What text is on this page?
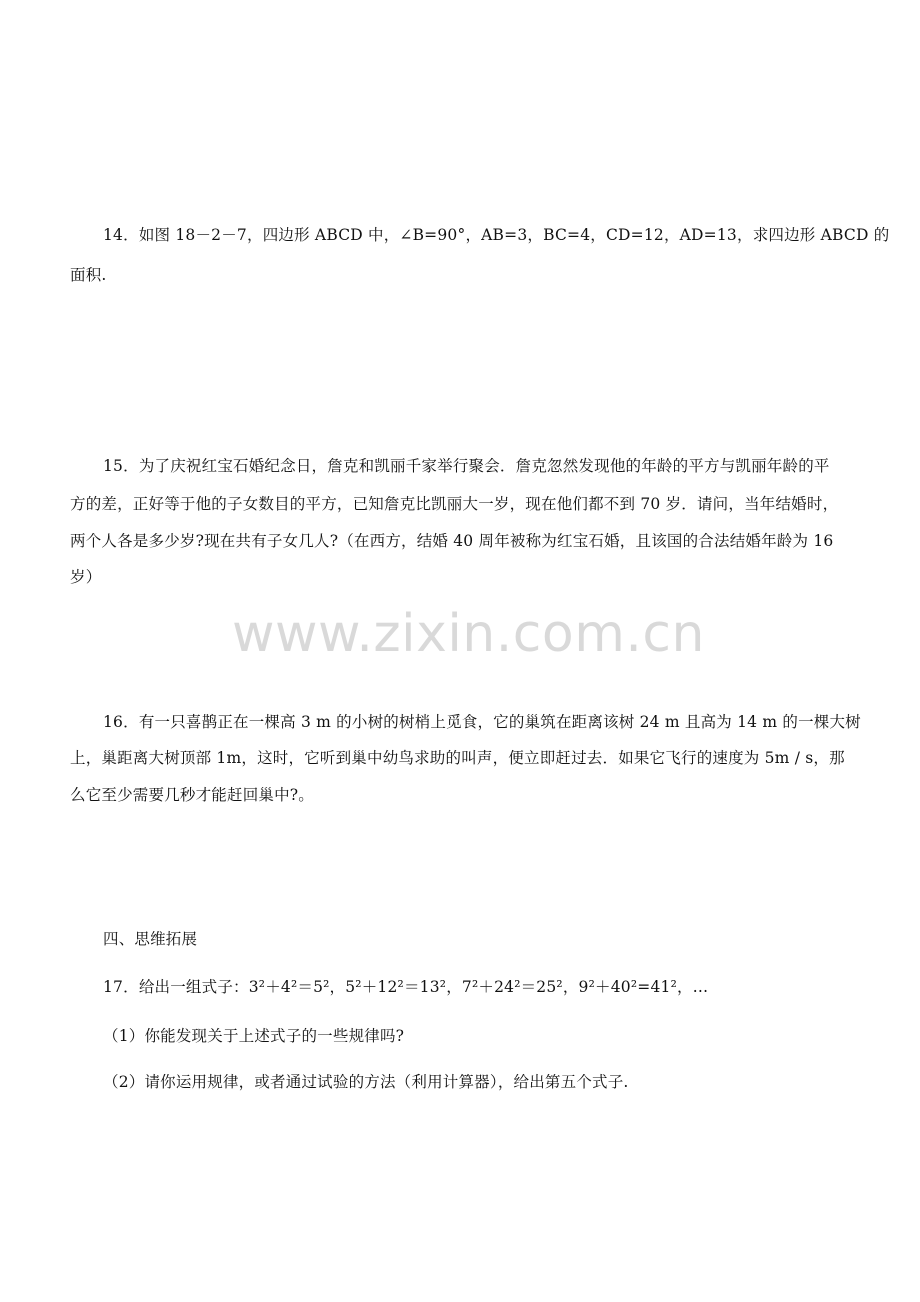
14．如图 18－2－7，四边形 ABCD 中，∠B=90°，AB=3，BC=4，CD=12，AD=13，求四边形 ABCD 的
面积.
15．为了庆祝红宝石婚纪念日，詹克和凯丽千家举行聚会．詹克忽然发现他的年龄的平方与凯丽年龄的平
方的差，正好等于他的子女数目的平方，已知詹克比凯丽大一岁，现在他们都不到 70 岁．请问，当年结婚时，
两个人各是多少岁?现在共有子女几人?（在西方，结婚 40 周年被称为红宝石婚，且该国的合法结婚年龄为 16
岁）
www.zixin.com.cn
16．有一只喜鹊正在一棵高 3 m 的小树的树梢上觅食，它的巢筑在距离该树 24 m 且高为 14 m 的一棵大树
上，巢距离大树顶部 1m，这时，它听到巢中幼鸟求助的叫声，便立即赶过去．如果它飞行的速度为 5m / s，那
么它至少需要几秒才能赶回巢中?。
四、思维拓展
17．给出一组式子：3²＋4²＝5²，5²＋12²＝13²，7²＋24²＝25²，9²＋40²=41²，…
（1）你能发现关于上述式子的一些规律吗?
（2）请你运用规律，或者通过试验的方法（利用计算器），给出第五个式子.
